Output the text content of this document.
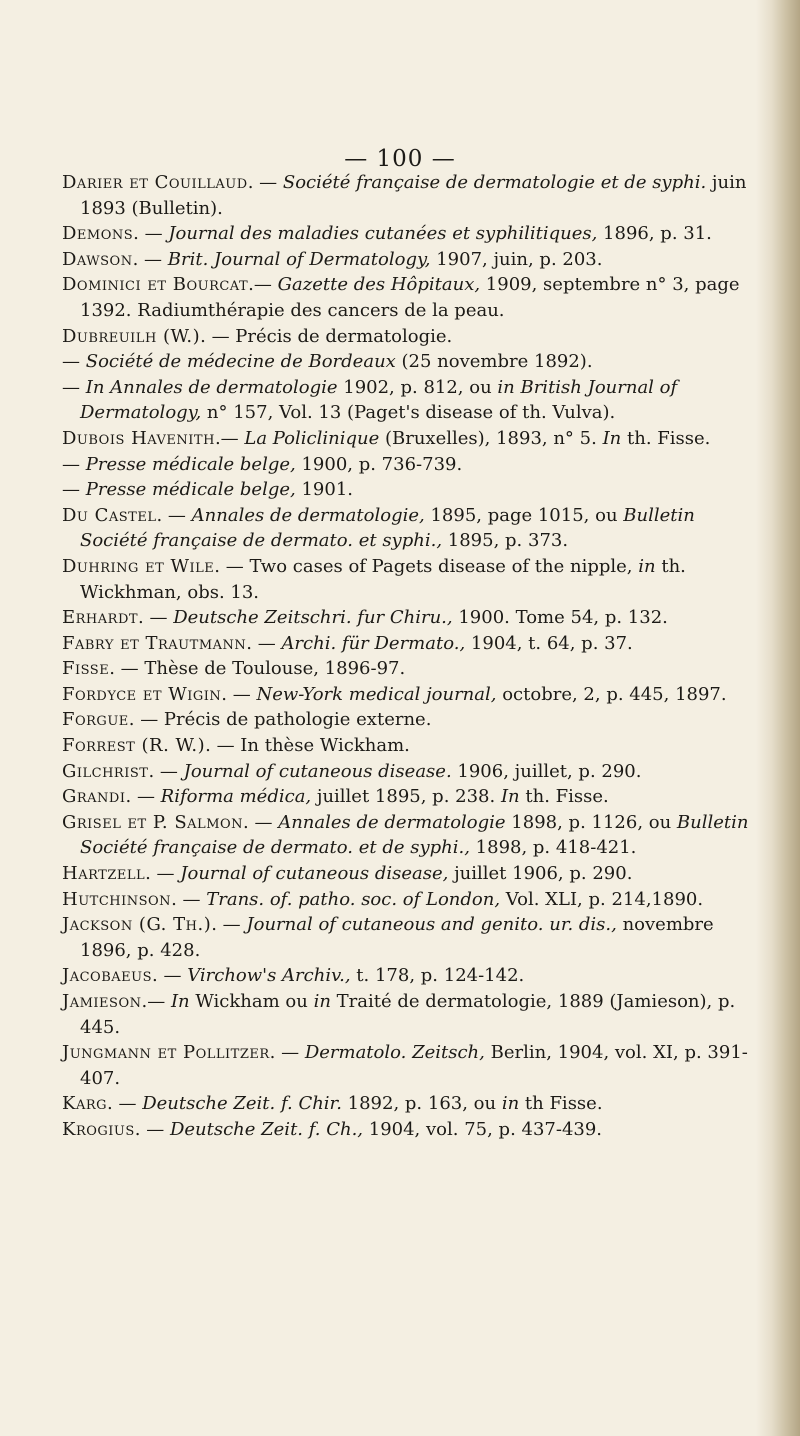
— 100 —

Darier et Couillaud. — Société française de dermatologie et de syphi. juin 1893 (Bulletin).

Demons. — Journal des maladies cutanées et syphilitiques, 1896, p. 31.

Dawson. — Brit. Journal of Dermatology, 1907, juin, p. 203.

Dominici et Bourcat.— Gazette des Hôpitaux, 1909, septembre n° 3, page 1392. Radiumthérapie des cancers de la peau.

Dubreuilh (W.). — Précis de dermatologie.

— Société de médecine de Bordeaux (25 novembre 1892).

— In Annales de dermatologie 1902, p. 812, ou in British Journal of Dermatology, n° 157, Vol. 13 (Paget's disease of th. Vulva).

Dubois Havenith.— La Policlinique (Bruxelles), 1893, n° 5. In th. Fisse.

— Presse médicale belge, 1900, p. 736-739.

— Presse médicale belge, 1901.

Du Castel. — Annales de dermatologie, 1895, page 1015, ou Bulletin Société française de dermato. et syphi., 1895, p. 373.

Duhring et Wile. — Two cases of Pagets disease of the nipple, in th. Wickhman, obs. 13.

Erhardt. — Deutsche Zeitschri. fur Chiru., 1900. Tome 54, p. 132.

Fabry et Trautmann. — Archi. für Dermato., 1904, t. 64, p. 37.

Fisse. — Thèse de Toulouse, 1896-97.

Fordyce et Wigin. — New-York medical journal, octobre, 2, p. 445, 1897.

Forgue. — Précis de pathologie externe.

Forrest (R. W.). — In thèse Wickham.

Gilchrist. — Journal of cutaneous disease. 1906, juillet, p. 290.

Grandi. — Riforma médica, juillet 1895, p. 238. In th. Fisse.

Grisel et P. Salmon. — Annales de dermatologie 1898, p. 1126, ou Bulletin Société française de dermato. et de syphi., 1898, p. 418-421.

Hartzell. — Journal of cutaneous disease, juillet 1906, p. 290.

Hutchinson. — Trans. of. patho. soc. of London, Vol. XLI, p. 214,1890.

Jackson (G. Th.). — Journal of cutaneous and genito. ur. dis., novembre 1896, p. 428.

Jacobaeus. — Virchow's Archiv., t. 178, p. 124-142.

Jamieson.— In Wickham ou in Traité de dermatologie, 1889 (Jamieson), p. 445.

Jungmann et Pollitzer. — Dermatolo. Zeitsch, Berlin, 1904, vol. XI, p. 391-407.

Karg. — Deutsche Zeit. f. Chir. 1892, p. 163, ou in th Fisse.

Krogius. — Deutsche Zeit. f. Ch., 1904, vol. 75, p. 437-439.
